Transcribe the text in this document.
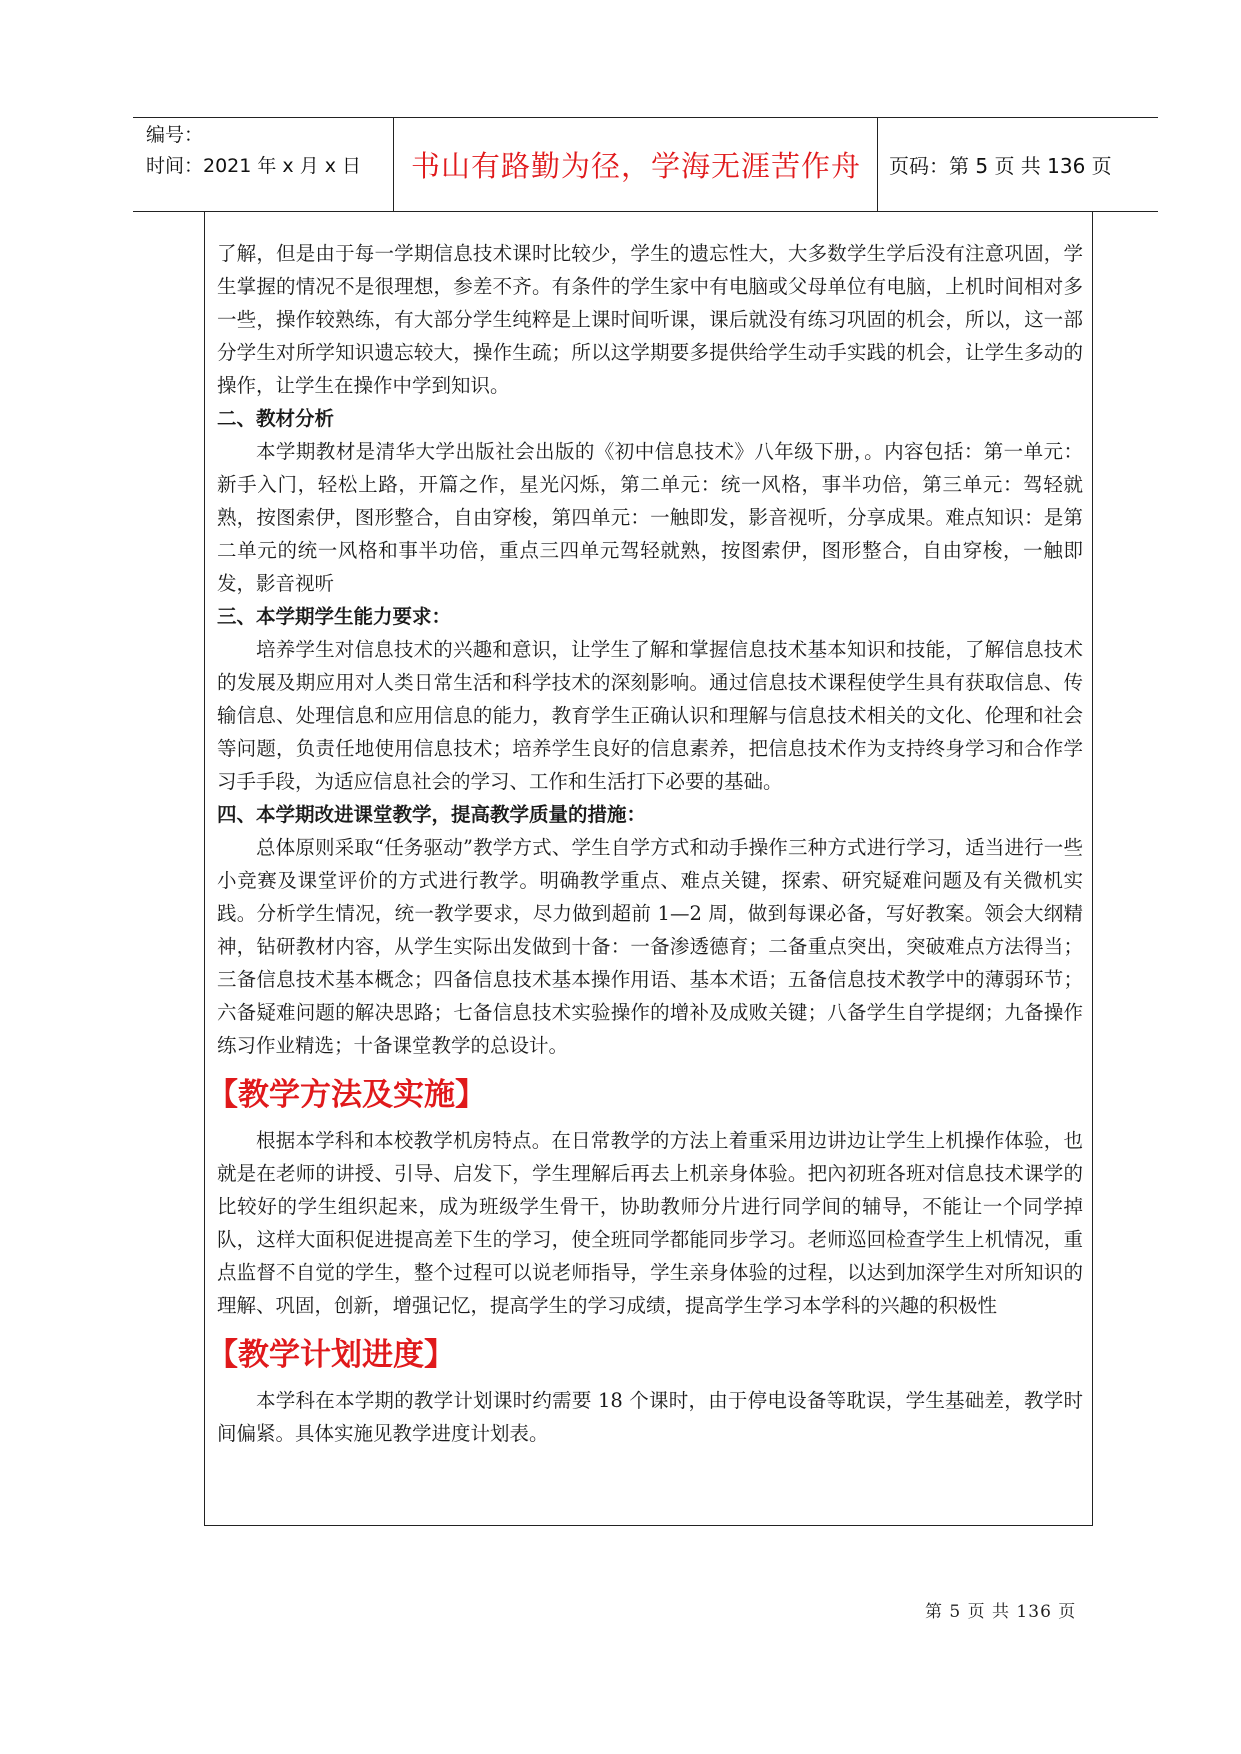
编号：
时间：2021 年 x 月 x 日	书山有路勤为径，学海无涯苦作舟	页码：第 5 页 共 136 页

了解，但是由于每一学期信息技术课时比较少，学生的遗忘性大，大多数学生学后没有注意巩固，学生掌握的情况不是很理想，参差不齐。有条件的学生家中有电脑或父母单位有电脑，上机时间相对多一些，操作较熟练，有大部分学生纯粹是上课时间听课，课后就没有练习巩固的机会，所以，这一部分学生对所学知识遗忘较大，操作生疏；所以这学期要多提供给学生动手实践的机会，让学生多动的操作，让学生在操作中学到知识。

二、教材分析

本学期教材是清华大学出版社会出版的《初中信息技术》八年级下册，。内容包括：第一单元：新手入门，轻松上路，开篇之作，星光闪烁，第二单元：统一风格，事半功倍，第三单元：驾轻就熟，按图索伊，图形整合，自由穿梭，第四单元：一触即发，影音视听，分享成果。难点知识：是第二单元的统一风格和事半功倍，重点三四单元驾轻就熟，按图索伊，图形整合，自由穿梭，一触即发，影音视听

三、本学期学生能力要求：

培养学生对信息技术的兴趣和意识，让学生了解和掌握信息技术基本知识和技能，了解信息技术的发展及期应用对人类日常生活和科学技术的深刻影响。通过信息技术课程使学生具有获取信息、传输信息、处理信息和应用信息的能力，教育学生正确认识和理解与信息技术相关的文化、伦理和社会等问题，负责任地使用信息技术；培养学生良好的信息素养，把信息技术作为支持终身学习和合作学习手手段，为适应信息社会的学习、工作和生活打下必要的基础。

四、本学期改进课堂教学，提高教学质量的措施：

总体原则采取“任务驱动”教学方式、学生自学方式和动手操作三种方式进行学习，适当进行一些小竞赛及课堂评价的方式进行教学。明确教学重点、难点关键，探索、研究疑难问题及有关微机实践。分析学生情况，统一教学要求，尽力做到超前 1—2 周，做到每课必备，写好教案。领会大纲精神，钻研教材内容，从学生实际出发做到十备：一备渗透德育；二备重点突出，突破难点方法得当；三备信息技术基本概念；四备信息技术基本操作用语、基本术语；五备信息技术教学中的薄弱环节；六备疑难问题的解决思路；七备信息技术实验操作的增补及成败关键；八备学生自学提纲；九备操作练习作业精选；十备课堂教学的总设计。

【教学方法及实施】

根据本学科和本校教学机房特点。在日常教学的方法上着重采用边讲边让学生上机操作体验，也就是在老师的讲授、引导、启发下，学生理解后再去上机亲身体验。把內初班各班对信息技术课学的比较好的学生组织起来，成为班级学生骨干，协助教师分片进行同学间的辅导，不能让一个同学掉队，这样大面积促进提高差下生的学习，使全班同学都能同步学习。老师巡回检查学生上机情况，重点监督不自觉的学生，整个过程可以说老师指导，学生亲身体验的过程，以达到加深学生对所知识的理解、巩固，创新，增强记忆，提高学生的学习成绩，提高学生学习本学科的兴趣的积极性

【教学计划进度】

本学科在本学期的教学计划课时约需要 18 个课时，由于停电设备等耽误，学生基础差，教学时间偏紧。具体实施见教学进度计划表。

第 5 页 共 136 页
